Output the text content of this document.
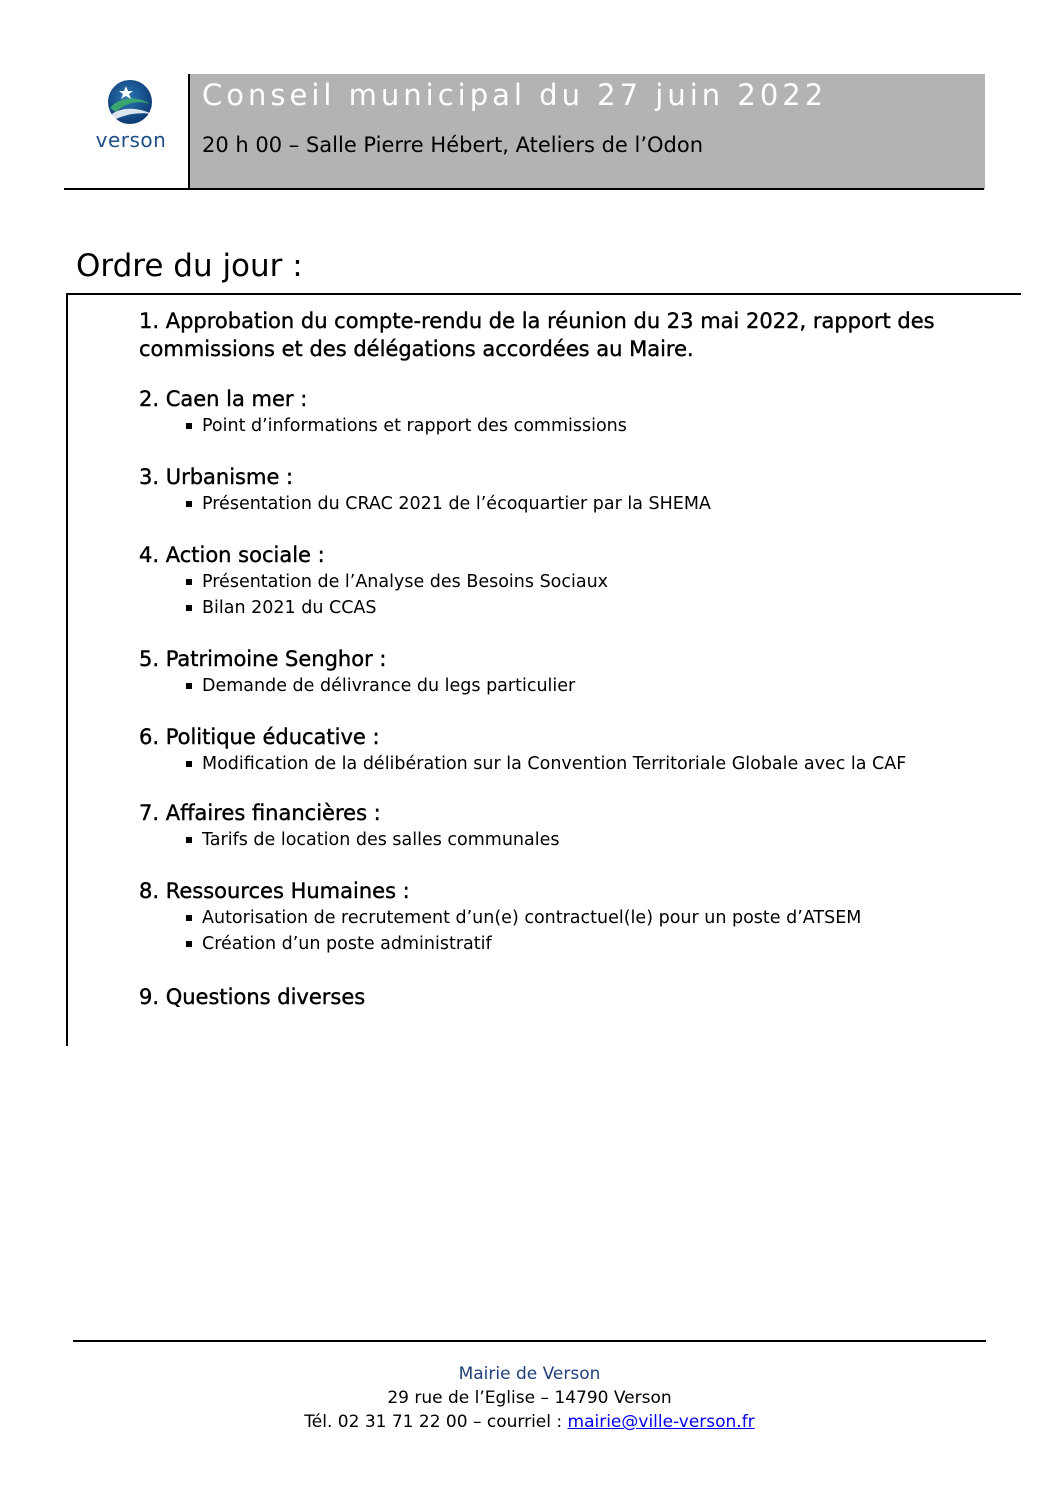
verson
Conseil municipal du 27 juin 2022
20 h 00 – Salle Pierre Hébert, Ateliers de l’Odon
Ordre du jour :
1. Approbation du compte-rendu de la réunion du 23 mai 2022, rapport des commissions et des délégations accordées au Maire.
2. Caen la mer :
Point d’informations et rapport des commissions
3. Urbanisme :
Présentation du CRAC 2021 de l’écoquartier par la SHEMA
4. Action sociale :
Présentation de l’Analyse des Besoins Sociaux
Bilan 2021 du CCAS
5. Patrimoine Senghor :
Demande de délivrance du legs particulier
6. Politique éducative :
Modification de la délibération sur la Convention Territoriale Globale avec la CAF
7. Affaires financières :
Tarifs de location des salles communales
8. Ressources Humaines :
Autorisation de recrutement d’un(e) contractuel(le) pour un poste d’ATSEM
Création d’un poste administratif
9. Questions diverses
Mairie de Verson
29 rue de l’Eglise – 14790 Verson
Tél. 02 31 71 22 00 – courriel : mairie@ville-verson.fr
